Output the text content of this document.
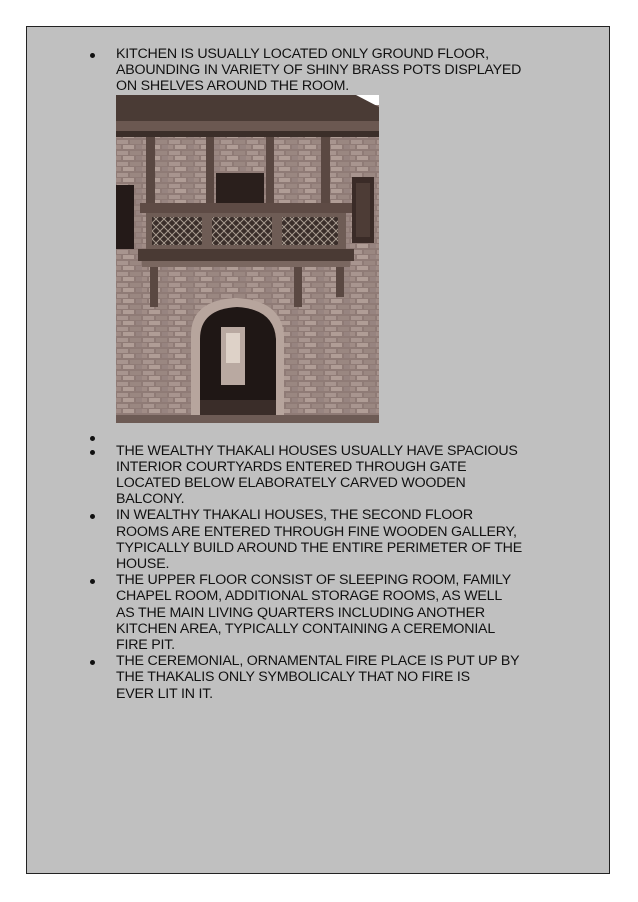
KITCHEN IS USUALLY LOCATED ONLY GROUND FLOOR,
ABOUNDING IN VARIETY OF SHINY BRASS POTS DISPLAYED
ON SHELVES AROUND THE ROOM.
THE WEALTHY THAKALI HOUSES USUALLY HAVE SPACIOUS
INTERIOR COURTYARDS ENTERED THROUGH GATE
LOCATED BELOW ELABORATELY CARVED WOODEN
BALCONY.
IN WEALTHY THAKALI HOUSES, THE SECOND FLOOR
ROOMS ARE ENTERED THROUGH FINE WOODEN GALLERY,
TYPICALLY BUILD AROUND THE ENTIRE PERIMETER OF THE
HOUSE.
THE UPPER FLOOR CONSIST OF SLEEPING ROOM, FAMILY
CHAPEL ROOM, ADDITIONAL STORAGE ROOMS, AS WELL
AS THE MAIN LIVING QUARTERS INCLUDING ANOTHER
KITCHEN AREA, TYPICALLY CONTAINING A CEREMONIAL
FIRE PIT.
THE CEREMONIAL, ORNAMENTAL FIRE PLACE IS PUT UP BY
THE THAKALIS ONLY SYMBOLICALY THAT NO FIRE IS
EVER LIT IN IT.
